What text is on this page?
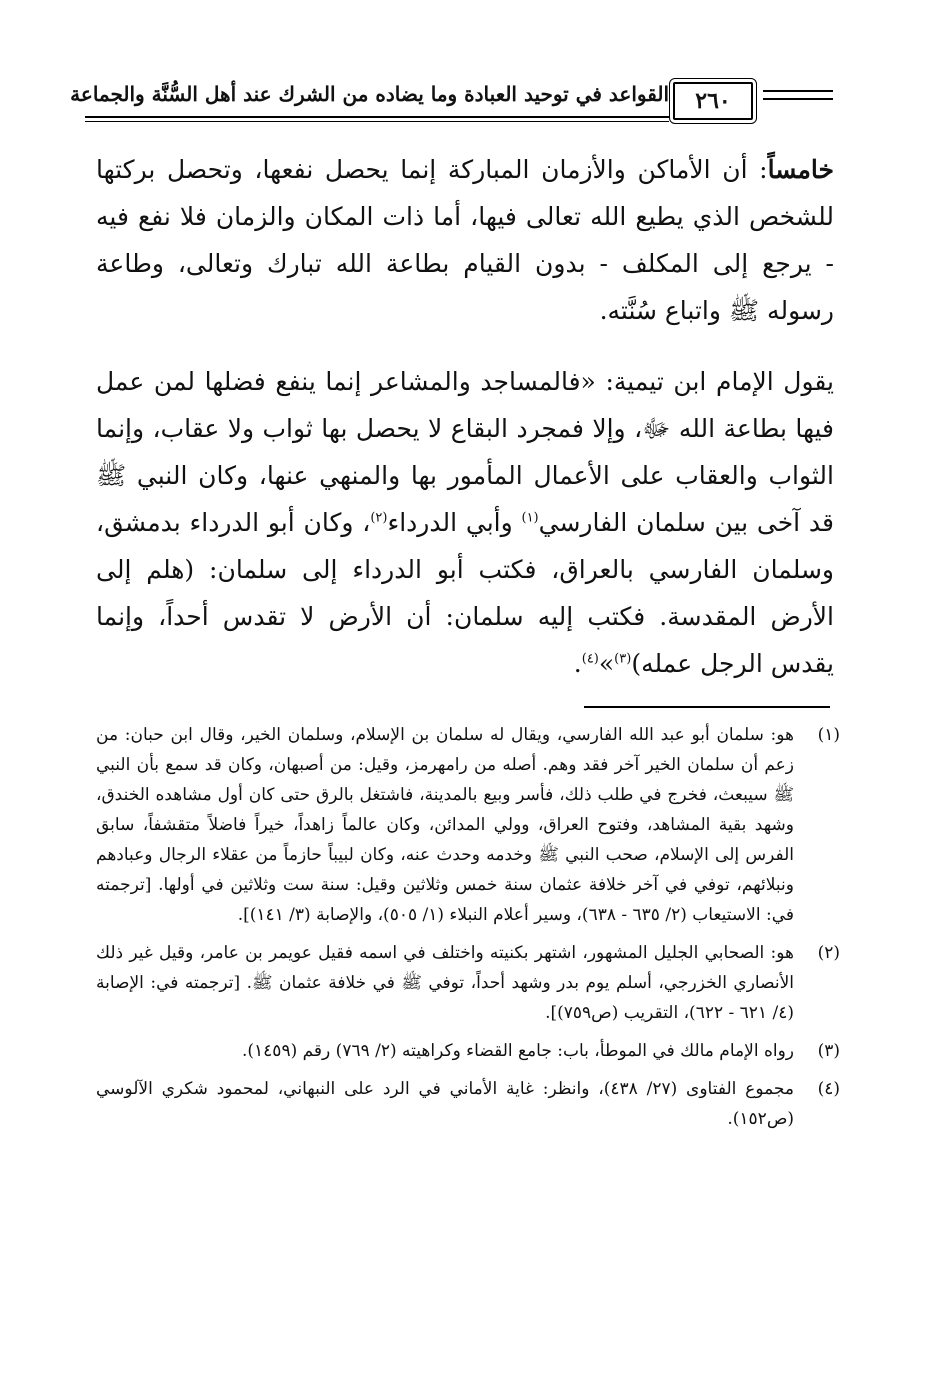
القواعد في توحيد العبادة وما يضاده من الشرك عند أهل السُّنَّة والجماعة	٢٦٠

خامساً: أن الأماكن والأزمان المباركة إنما يحصل نفعها، وتحصل بركتها للشخص الذي يطيع الله تعالى فيها، أما ذات المكان والزمان فلا نفع فيه - يرجع إلى المكلف - بدون القيام بطاعة الله تبارك وتعالى، وطاعة رسوله ﷺ واتباع سُنَّته.

يقول الإمام ابن تيمية: «فالمساجد والمشاعر إنما ينفع فضلها لمن عمل فيها بطاعة الله ﷻ، وإلا فمجرد البقاع لا يحصل بها ثواب ولا عقاب، وإنما الثواب والعقاب على الأعمال المأمور بها والمنهي عنها، وكان النبي ﷺ قد آخى بين سلمان الفارسي$^{(١)}$ وأبي الدرداء$^{(٢)}$، وكان أبو الدرداء بدمشق، وسلمان الفارسي بالعراق، فكتب أبو الدرداء إلى سلمان: (هلم إلى الأرض المقدسة. فكتب إليه سلمان: أن الأرض لا تقدس أحداً، وإنما يقدس الرجل عمله)$^{(٣)}$»$^{(٤)}$.

(١)
هو: سلمان أبو عبد الله الفارسي، ويقال له سلمان بن الإسلام، وسلمان الخير، وقال ابن حبان: من زعم أن سلمان الخير آخر فقد وهم. أصله من رامهرمز، وقيل: من أصبهان، وكان قد سمع بأن النبي ﷺ سيبعث، فخرج في طلب ذلك، فأسر وبيع بالمدينة، فاشتغل بالرق حتى كان أول مشاهده الخندق، وشهد بقية المشاهد، وفتوح العراق، وولي المدائن، وكان عالماً زاهداً، خيراً فاضلاً متقشفاً، سابق الفرس إلى الإسلام، صحب النبي ﷺ وخدمه وحدث عنه، وكان لبيباً حازماً من عقلاء الرجال وعبادهم ونبلائهم، توفي في آخر خلافة عثمان سنة خمس وثلاثين وقيل: سنة ست وثلاثين في أولها. [ترجمته في: الاستيعاب (٢/ ٦٣٥ - ٦٣٨)، وسير أعلام النبلاء (١/ ٥٠٥)، والإصابة (٣/ ١٤١)].
(٢)
هو: الصحابي الجليل المشهور، اشتهر بكنيته واختلف في اسمه فقيل عويمر بن عامر، وقيل غير ذلك الأنصاري الخزرجي، أسلم يوم بدر وشهد أحداً، توفي ﷺ في خلافة عثمان ﷺ. [ترجمته في: الإصابة (٤/ ٦٢١ - ٦٢٢)، التقريب (ص٧٥٩)].
(٣)
رواه الإمام مالك في الموطأ، باب: جامع القضاء وكراهيته (٢/ ٧٦٩) رقم (١٤٥٩).
(٤)
مجموع الفتاوى (٢٧/ ٤٣٨)، وانظر: غاية الأماني في الرد على النبهاني، لمحمود شكري الآلوسي (ص١٥٢).
